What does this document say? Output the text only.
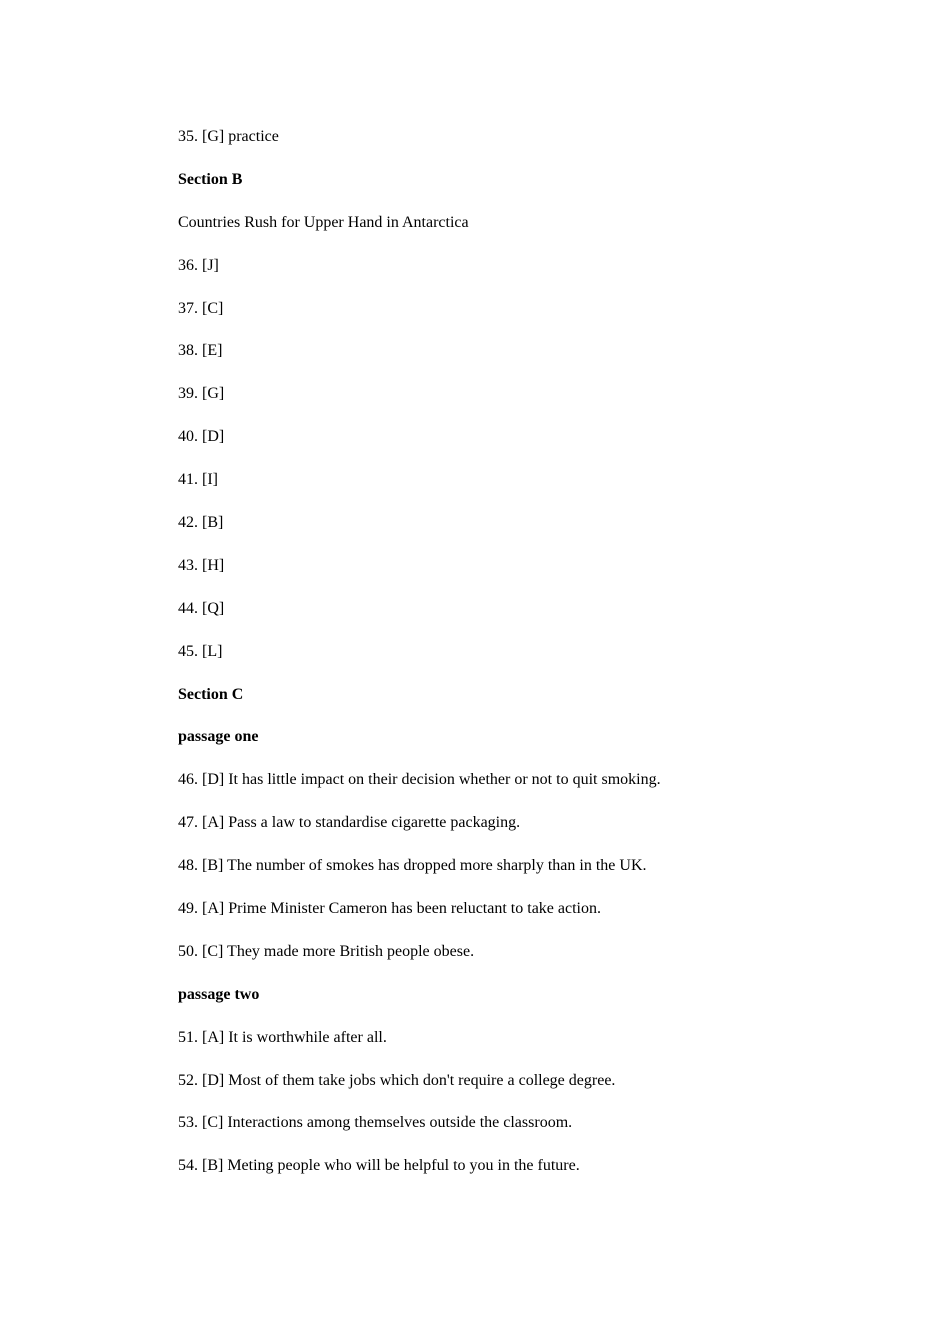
35. [G] practice
Section B
Countries Rush for Upper Hand in Antarctica
36. [J]
37. [C]
38. [E]
39. [G]
40. [D]
41. [I]
42. [B]
43. [H]
44. [Q]
45. [L]
Section C
passage one
46. [D] It has little impact on their decision whether or not to quit smoking.
47. [A] Pass a law to standardise cigarette packaging.
48. [B] The number of smokes has dropped more sharply than in the UK.
49. [A] Prime Minister Cameron has been reluctant to take action.
50. [C] They made more British people obese.
passage two
51. [A] It is worthwhile after all.
52. [D] Most of them take jobs which don't require a college degree.
53. [C] Interactions among themselves outside the classroom.
54. [B] Meting people who will be helpful to you in the future.
